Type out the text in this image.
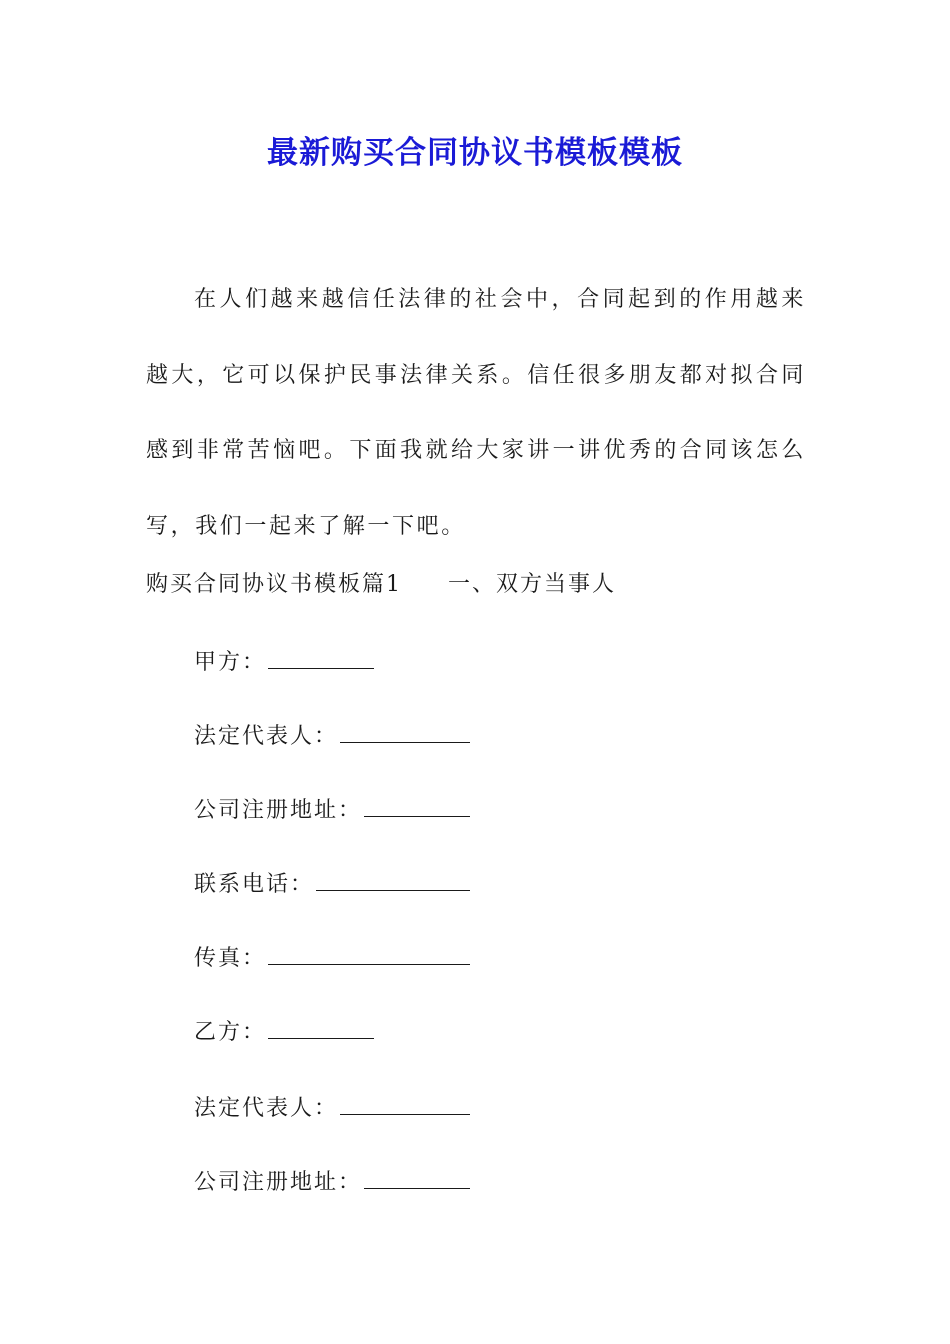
最新购买合同协议书模板模板

在人们越来越信任法律的社会中，合同起到的作用越来越大，它可以保护民事法律关系。信任很多朋友都对拟合同感到非常苦恼吧。下面我就给大家讲一讲优秀的合同该怎么写，我们一起来了解一下吧。

购买合同协议书模板篇1 一、双方当事人
甲方：
法定代表人：
公司注册地址：
联系电话：
传真：
乙方：
法定代表人：
公司注册地址：
